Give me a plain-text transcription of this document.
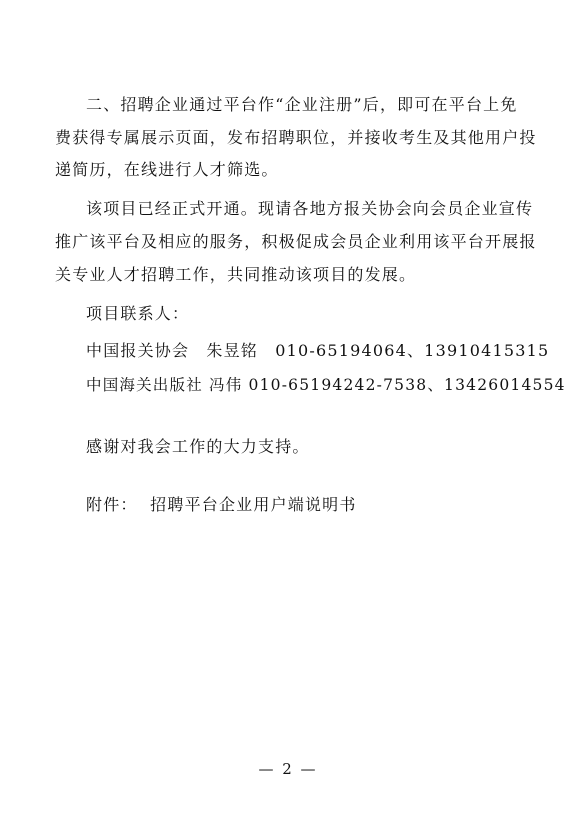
二、招聘企业通过平台作“企业注册”后，即可在平台上免
费获得专属展示页面，发布招聘职位，并接收考生及其他用户投
递简历，在线进行人才筛选。
该项目已经正式开通。现请各地方报关协会向会员企业宣传
推广该平台及相应的服务，积极促成会员企业利用该平台开展报
关专业人才招聘工作，共同推动该项目的发展。
项目联系人：
中国报关协会　朱昱铭　010-65194064、13910415315
中国海关出版社 冯伟 010-65194242-7538、13426014554
感谢对我会工作的大力支持。
附件：  招聘平台企业用户端说明书
— 2 —
